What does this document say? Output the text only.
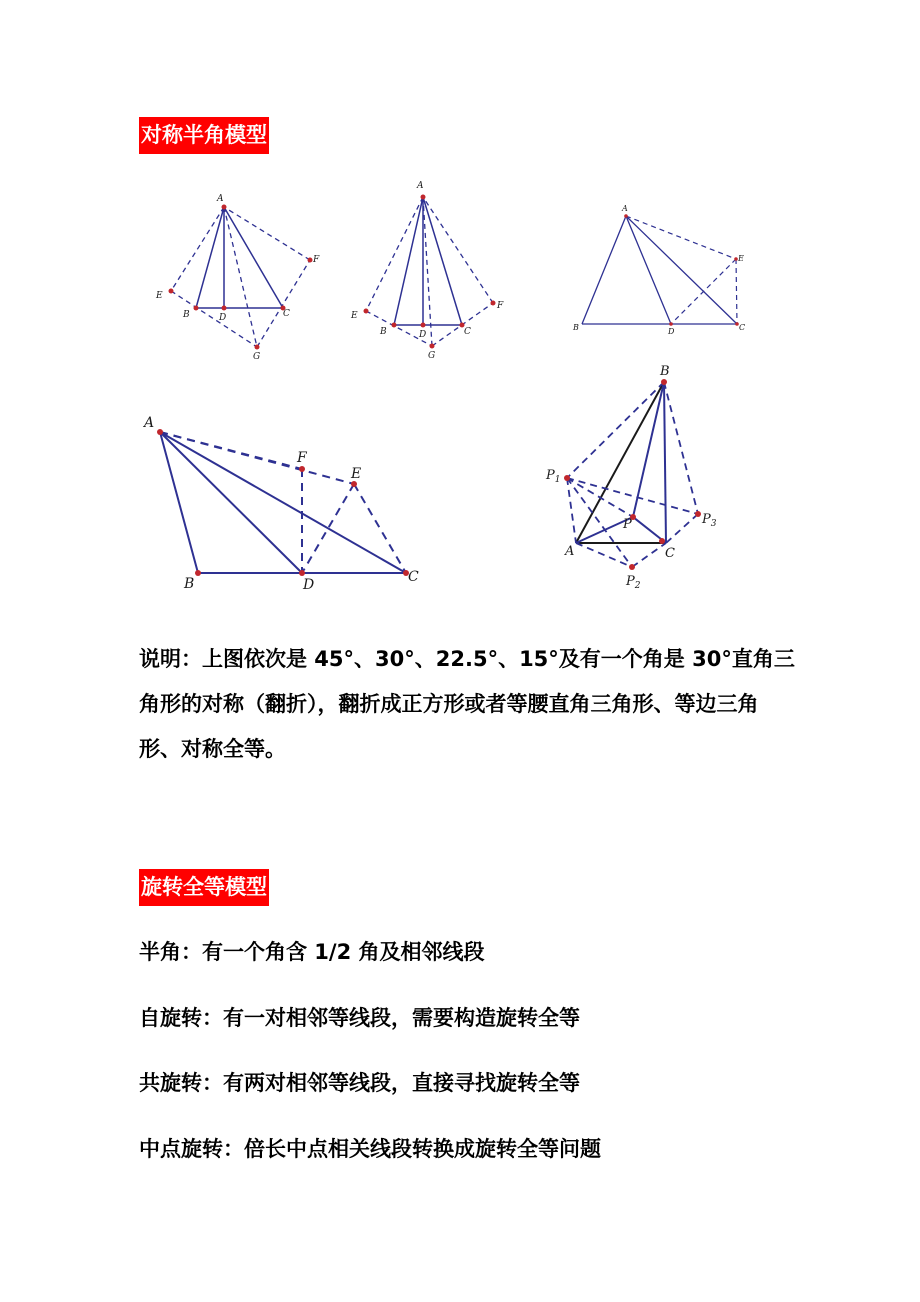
对称半角模型
A
B	C
D
E
F
G
A
B	C
D
E
F
G
A
B	C
D
E
A
B	C
D
E
F
B
A	C
P
$P_1$
$P_3$
$P_2$

说明：上图依次是 45°、30°、22.5°、15°及有一个角是 30°直角三角形的对称（翻折），翻折成正方形或者等腰直角三角形、等边三角形、对称全等。

旋转全等模型

半角：有一个角含 1/2 角及相邻线段

自旋转：有一对相邻等线段，需要构造旋转全等

共旋转：有两对相邻等线段，直接寻找旋转全等

中点旋转：倍长中点相关线段转换成旋转全等问题
